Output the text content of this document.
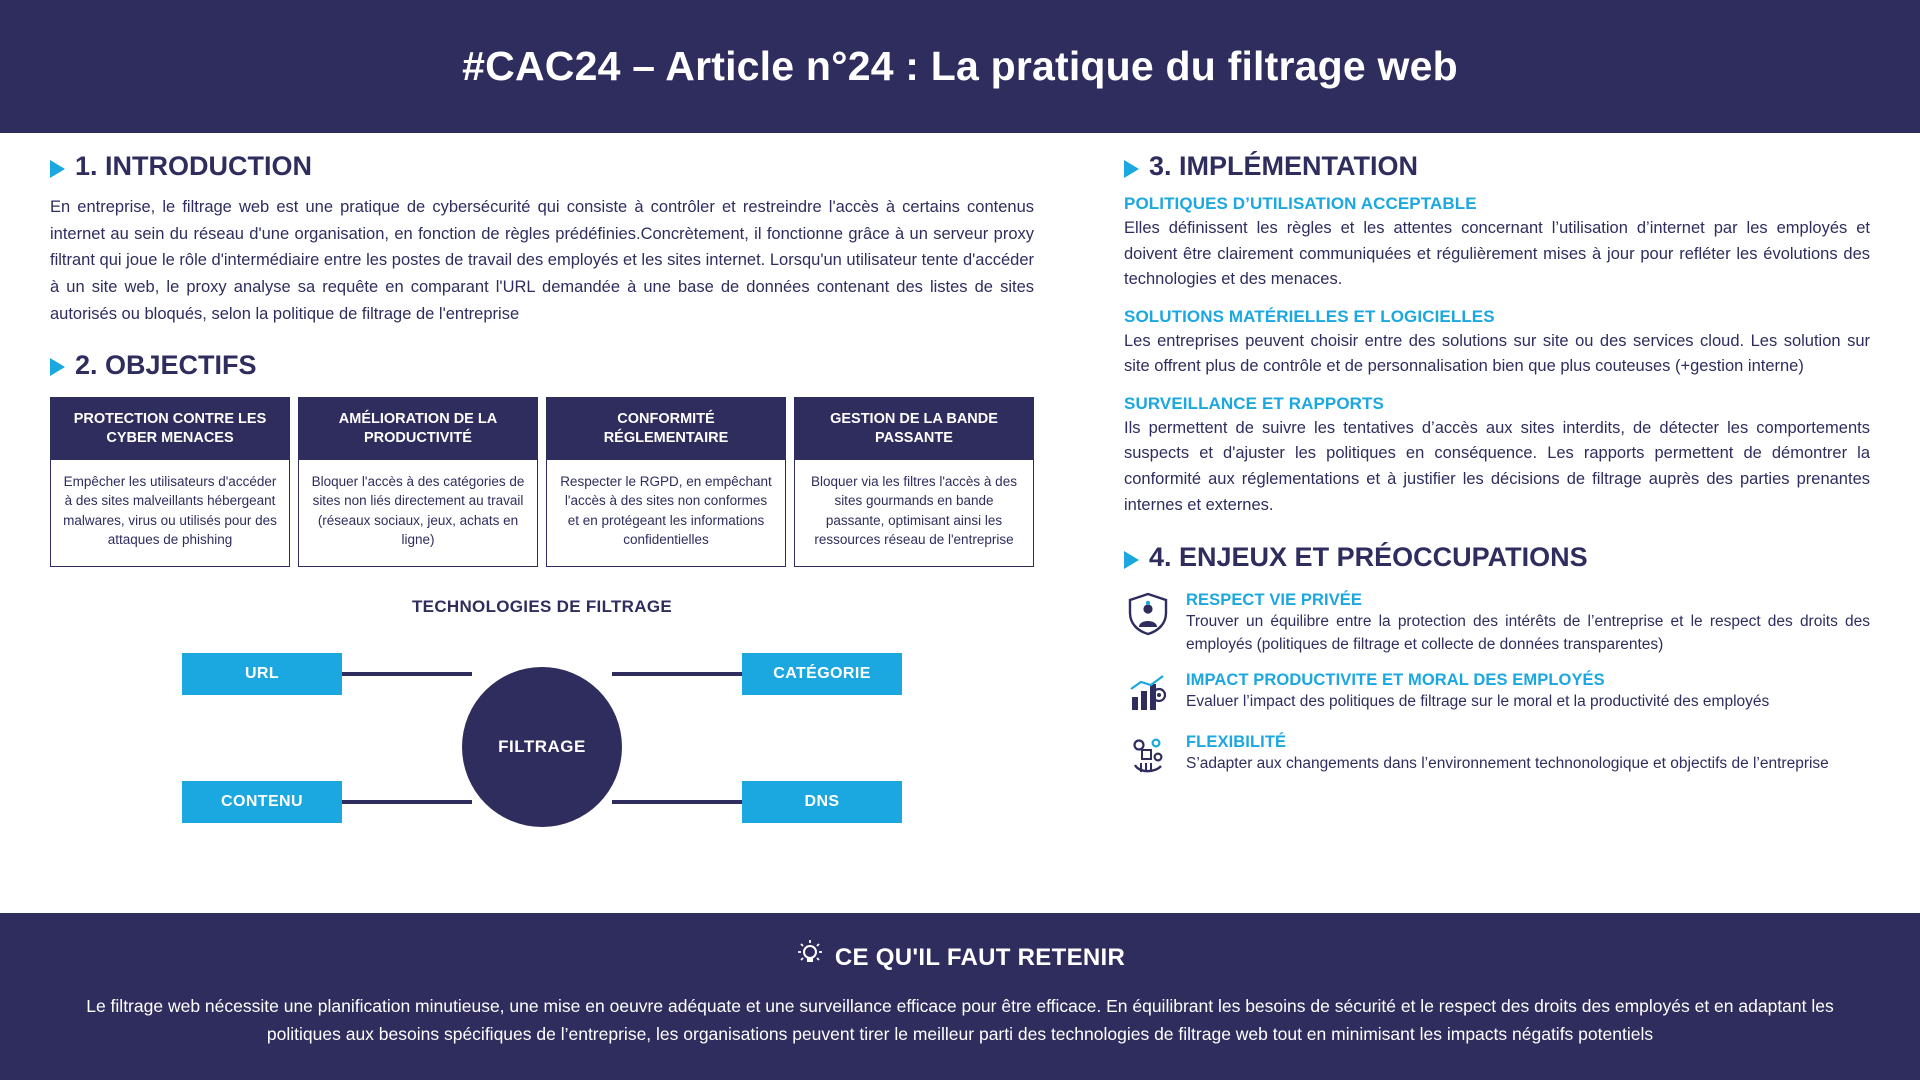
#CAC24 – Article n°24 : La pratique du filtrage web
1. INTRODUCTION
En entreprise, le filtrage web est une pratique de cybersécurité qui consiste à contrôler et restreindre l'accès à certains contenus internet au sein du réseau d'une organisation, en fonction de règles prédéfinies.Concrètement, il fonctionne grâce à un serveur proxy filtrant qui joue le rôle d'intermédiaire entre les postes de travail des employés et les sites internet. Lorsqu'un utilisateur tente d'accéder à un site web, le proxy analyse sa requête en comparant l'URL demandée à une base de données contenant des listes de sites autorisés ou bloqués, selon la politique de filtrage de l'entreprise
2. OBJECTIFS
PROTECTION CONTRE LES CYBER MENACES
Empêcher les utilisateurs d'accéder à des sites malveillants hébergeant malwares, virus ou utilisés pour des attaques de phishing
AMÉLIORATION DE LA PRODUCTIVITÉ
Bloquer l'accès à des catégories de sites non liés directement au travail (réseaux sociaux, jeux, achats en ligne)
CONFORMITÉ RÉGLEMENTAIRE
Respecter le RGPD, en empêchant l'accès à des sites non conformes et en protégeant les informations confidentielles
GESTION DE LA BANDE PASSANTE
Bloquer via les filtres l'accès à des sites gourmands en bande passante, optimisant ainsi les ressources réseau de l'entreprise
TECHNOLOGIES DE FILTRAGE
URL
CONTENU
CATÉGORIE
DNS
FILTRAGE
3. IMPLÉMENTATION
POLITIQUES D’UTILISATION ACCEPTABLE
Elles définissent les règles et les attentes concernant l’utilisation d’internet par les employés et doivent être clairement communiquées et régulièrement mises à jour pour refléter les évolutions des technologies et des menaces.
SOLUTIONS MATÉRIELLES ET LOGICIELLES
Les entreprises peuvent choisir entre des solutions sur site ou des services cloud. Les solution sur site offrent plus de contrôle et de personnalisation bien que plus couteuses (+gestion interne)
SURVEILLANCE ET RAPPORTS
Ils permettent de suivre les tentatives d’accès aux sites interdits, de détecter les comportements suspects et d'ajuster les politiques en conséquence. Les rapports permettent de démontrer la conformité aux réglementations et à justifier les décisions de filtrage auprès des parties prenantes internes et externes.
4. ENJEUX ET PRÉOCCUPATIONS
RESPECT VIE PRIVÉE
Trouver un équilibre entre la protection des intérêts de l’entreprise et le respect des droits des employés (politiques de filtrage et collecte de données transparentes)
IMPACT PRODUCTIVITE ET MORAL DES EMPLOYÉS
Evaluer l’impact des politiques de filtrage sur le moral et la productivité des employés
FLEXIBILITÉ
S’adapter aux changements dans l’environnement technonologique et objectifs de l’entreprise
CE QU'IL FAUT RETENIR
Le filtrage web nécessite une planification minutieuse, une mise en oeuvre adéquate et une surveillance efficace pour être efficace. En équilibrant les besoins de sécurité et le respect des droits des employés et en adaptant les politiques aux besoins spécifiques de l’entreprise, les organisations peuvent tirer le meilleur parti des technologies de filtrage web tout en minimisant les impacts négatifs potentiels
